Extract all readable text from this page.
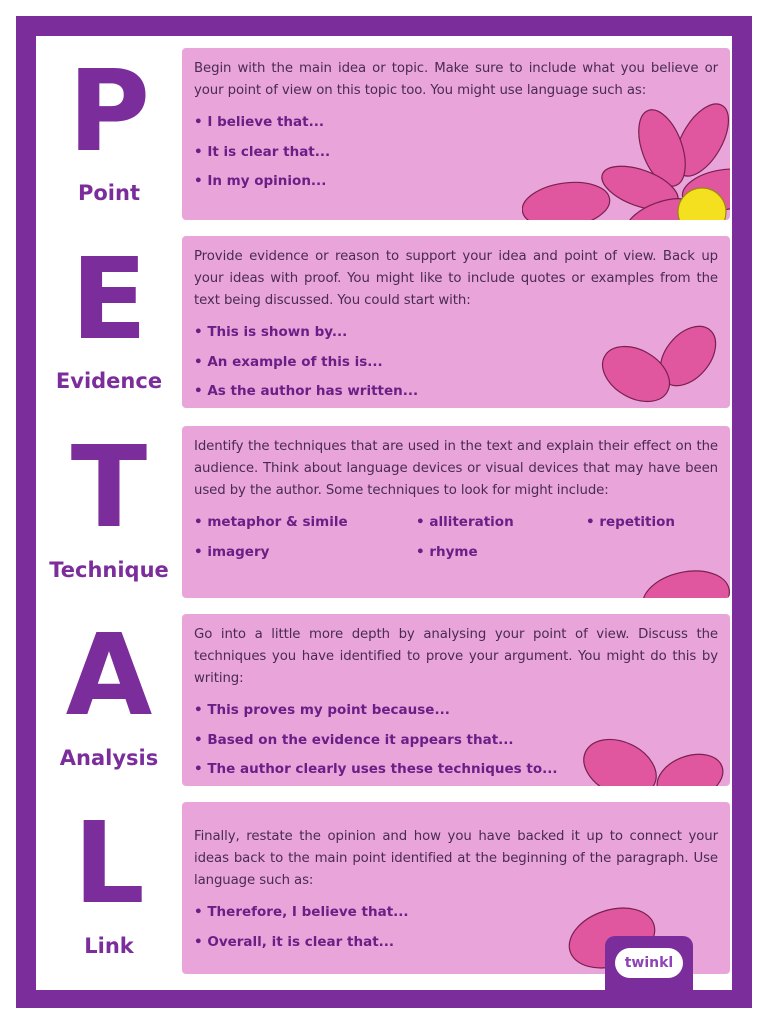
P
Point

Begin with the main idea or topic. Make sure to include what you believe or your point of view on this topic too. You might use language such as:

• I believe that...
• It is clear that...
• In my opinion...
E
Evidence

Provide evidence or reason to support your idea and point of view. Back up your ideas with proof. You might like to include quotes or examples from the text being discussed. You could start with:

• This is shown by...
• An example of this is...
• As the author has written...
T
Technique

Identify the techniques that are used in the text and explain their effect on the audience. Think about language devices or visual devices that may have been used by the author. Some techniques to look for might include:

• metaphor & simile	• alliteration	• repetition
• imagery	• rhyme
A
Analysis

Go into a little more depth by analysing your point of view. Discuss the techniques you have identified to prove your argument. You might do this by writing:

• This proves my point because...
• Based on the evidence it appears that...
• The author clearly uses these techniques to...
L
Link

Finally, restate the opinion and how you have backed it up to connect your ideas back to the main point identified at the beginning of the paragraph. Use language such as:

• Therefore, I believe that...
• Overall, it is clear that...
twinkl
